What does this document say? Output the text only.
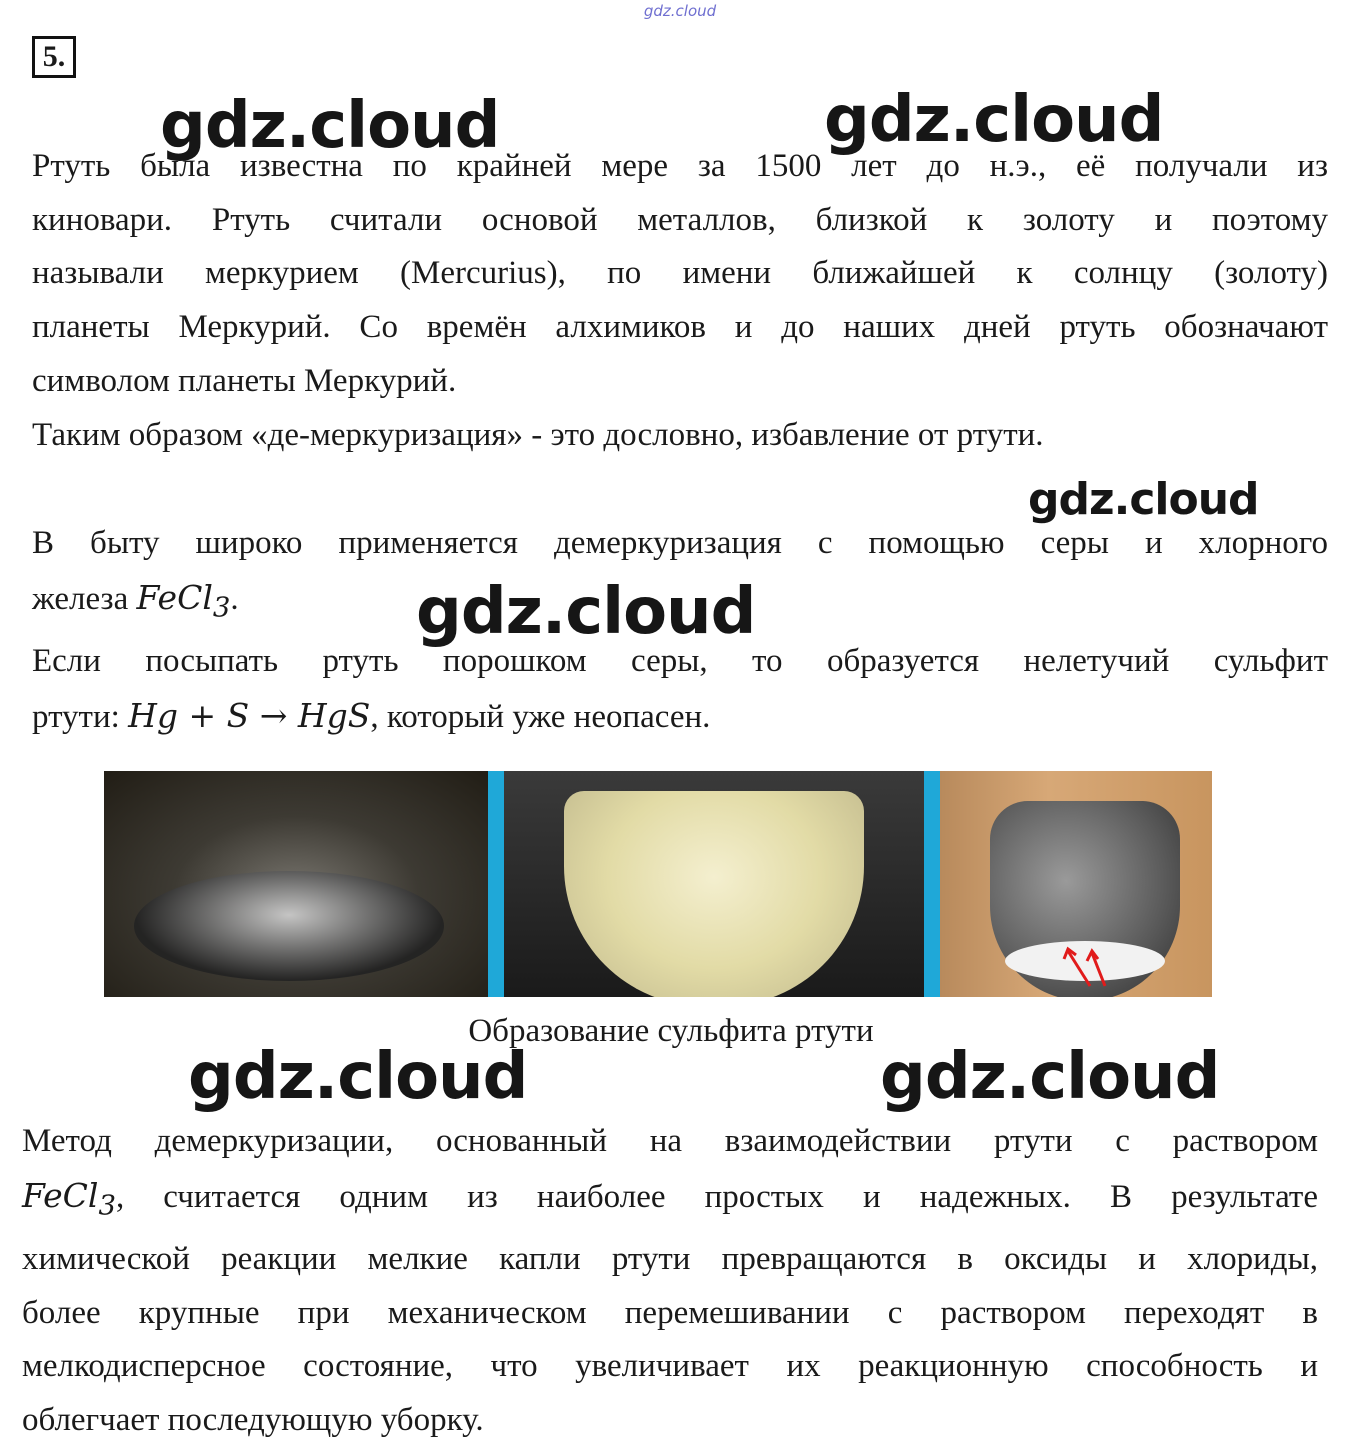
gdz.cloud
5.
gdz.cloud	gdz.cloud
gdz.cloud
Ртуть была известна по крайней мере за 1500 лет до н.э., её получали из
киновари. Ртуть считали основой металлов, близкой к золоту и поэтому
называли меркурием (Mercurius), по имени ближайшей к солнцу (золоту)
планеты Меркурий. Со времён алхимиков и до наших дней ртуть обозначают
символом планеты Меркурий.
Таким образом «де-меркуризация» - это дословно, избавление от ртути.
В быту широко применяется демеркуризация с помощью серы и хлорного
железа FeCl$_3$.
Если посыпать ртуть порошком серы, то образуется нелетучий сульфит
ртути: Hg + S → HgS, который уже неопасен.
gdz.cloud
Образование сульфита ртути
gdz.cloud	gdz.cloud
Метод демеркуризации, основанный на взаимодействии ртути с раствором
FeCl$_3$, считается одним из наиболее простых и надежных. В результате
химической реакции мелкие капли ртути превращаются в оксиды и хлориды,
более крупные при механическом перемешивании с раствором переходят в
мелкодисперсное состояние, что увеличивает их реакционную способность и
облегчает последующую уборку.
